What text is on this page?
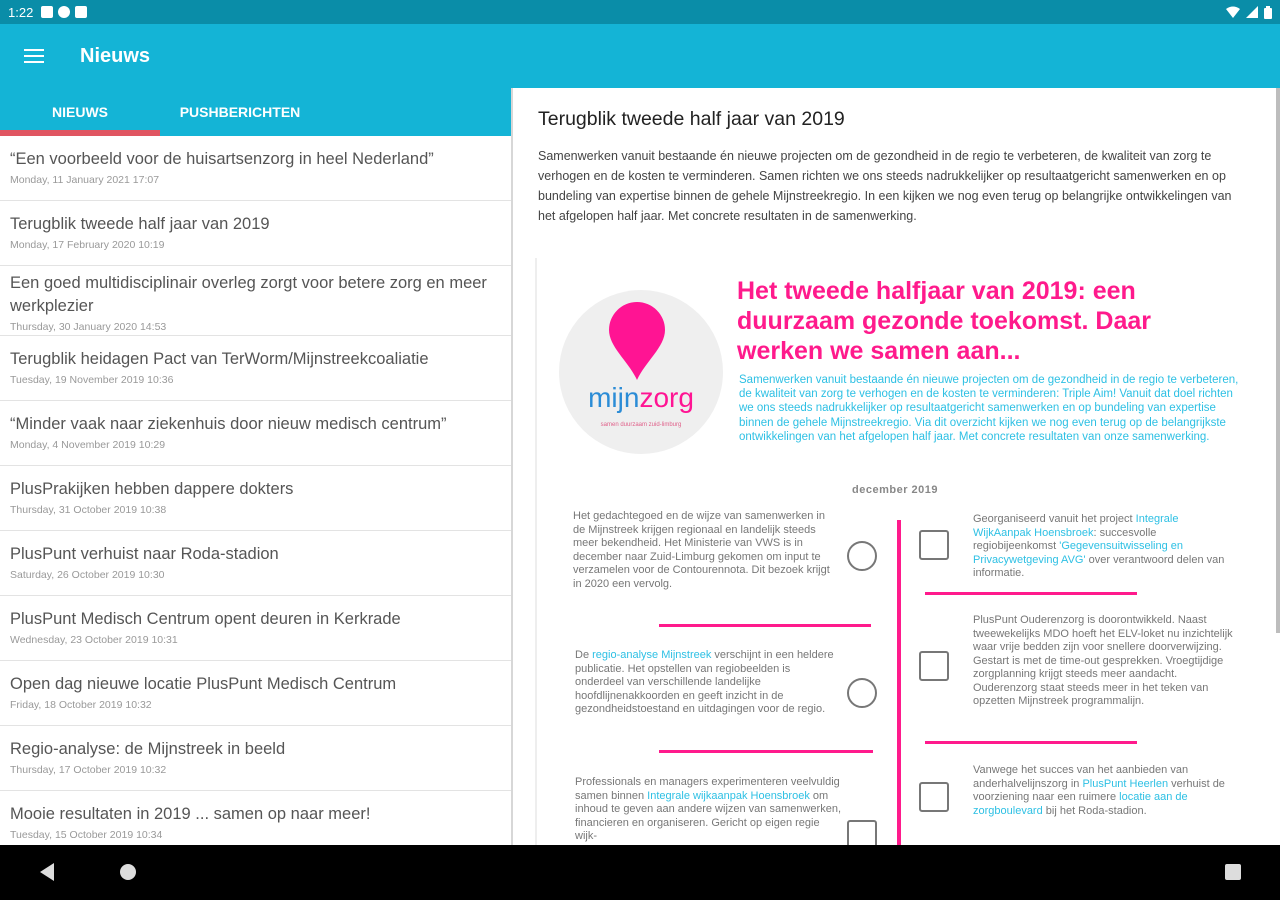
1:22
Nieuws
NIEUWS	PUSHBERICHTEN
“Een voorbeeld voor de huisartsenzorg in heel Nederland”
Monday, 11 January 2021 17:07
Terugblik tweede half jaar van 2019
Monday, 17 February 2020 10:19
Een goed multidisciplinair overleg zorgt voor betere zorg en meer werkplezier
Thursday, 30 January 2020 14:53
Terugblik heidagen Pact van TerWorm/Mijnstreekcoaliatie
Tuesday, 19 November 2019 10:36
“Minder vaak naar ziekenhuis door nieuw medisch centrum”
Monday, 4 November 2019 10:29
PlusPrakijken hebben dappere dokters
Thursday, 31 October 2019 10:38
PlusPunt verhuist naar Roda-stadion
Saturday, 26 October 2019 10:30
PlusPunt Medisch Centrum opent deuren in Kerkrade
Wednesday, 23 October 2019 10:31
Open dag nieuwe locatie PlusPunt Medisch Centrum
Friday, 18 October 2019 10:32
Regio-analyse: de Mijnstreek in beeld
Thursday, 17 October 2019 10:32
Mooie resultaten in 2019 ... samen op naar meer!
Tuesday, 15 October 2019 10:34
Terugblik tweede half jaar van 2019
Samenwerken vanuit bestaande én nieuwe projecten om de gezondheid in de regio te verbeteren, de kwaliteit van zorg te verhogen en de kosten te verminderen. Samen richten we ons steeds nadrukkelijker op resultaatgericht samenwerken en op bundeling van expertise binnen de gehele Mijnstreekregio. In een kijken we nog even terug op belangrijke ontwikkelingen van het afgelopen half jaar. Met concrete resultaten in de samenwerking.
mijnzorg
samen duurzaam zuid-limburg
Het tweede halfjaar van 2019: een duurzaam gezonde toekomst. Daar werken we samen aan...
Samenwerken vanuit bestaande én nieuwe projecten om de gezondheid in de regio te verbeteren, de kwaliteit van zorg te verhogen en de kosten te verminderen: Triple Aim! Vanuit dat doel richten we ons steeds nadrukkelijker op resultaatgericht samenwerken en op bundeling van expertise binnen de gehele Mijnstreekregio. Via dit overzicht kijken we nog even terug op de belangrijkste ontwikkelingen van het afgelopen half jaar. Met concrete resultaten van onze samenwerking.
december 2019
Het gedachtegoed en de wijze van samenwerken in de Mijnstreek krijgen regionaal en landelijk steeds meer bekendheid. Het Ministerie van VWS is in december naar Zuid-Limburg gekomen om input te verzamelen voor de Contourennota. Dit bezoek krijgt in 2020 een vervolg.
De regio-analyse Mijnstreek verschijnt in een heldere publicatie. Het opstellen van regiobeelden is onderdeel van verschillende landelijke hoofdlijnenakkoorden en geeft inzicht in de gezondheidstoestand en uitdagingen voor de regio.
Professionals en managers experimenteren veelvuldig samen binnen Integrale wijkaanpak Hoensbroek om inhoud te geven aan andere wijzen van samenwerken, financieren en organiseren. Gericht op eigen regie wijk-
Georganiseerd vanuit het project Integrale WijkAanpak Hoensbroek: succesvolle regiobijeenkomst 'Gegevensuitwisseling en Privacywetgeving AVG' over verantwoord delen van informatie.
PlusPunt Ouderenzorg is doorontwikkeld. Naast tweewekelijks MDO hoeft het ELV-loket nu inzichtelijk waar vrije bedden zijn voor snellere doorverwijzing. Gestart is met de time-out gesprekken. Vroegtijdige zorgplanning krijgt steeds meer aandacht. Ouderenzorg staat steeds meer in het teken van opzetten Mijnstreek programmalijn.
Vanwege het succes van het aanbieden van anderhalvelijnszorg in PlusPunt Heerlen verhuist de voorziening naar een ruimere locatie aan de zorgboulevard bij het Roda-stadion.
